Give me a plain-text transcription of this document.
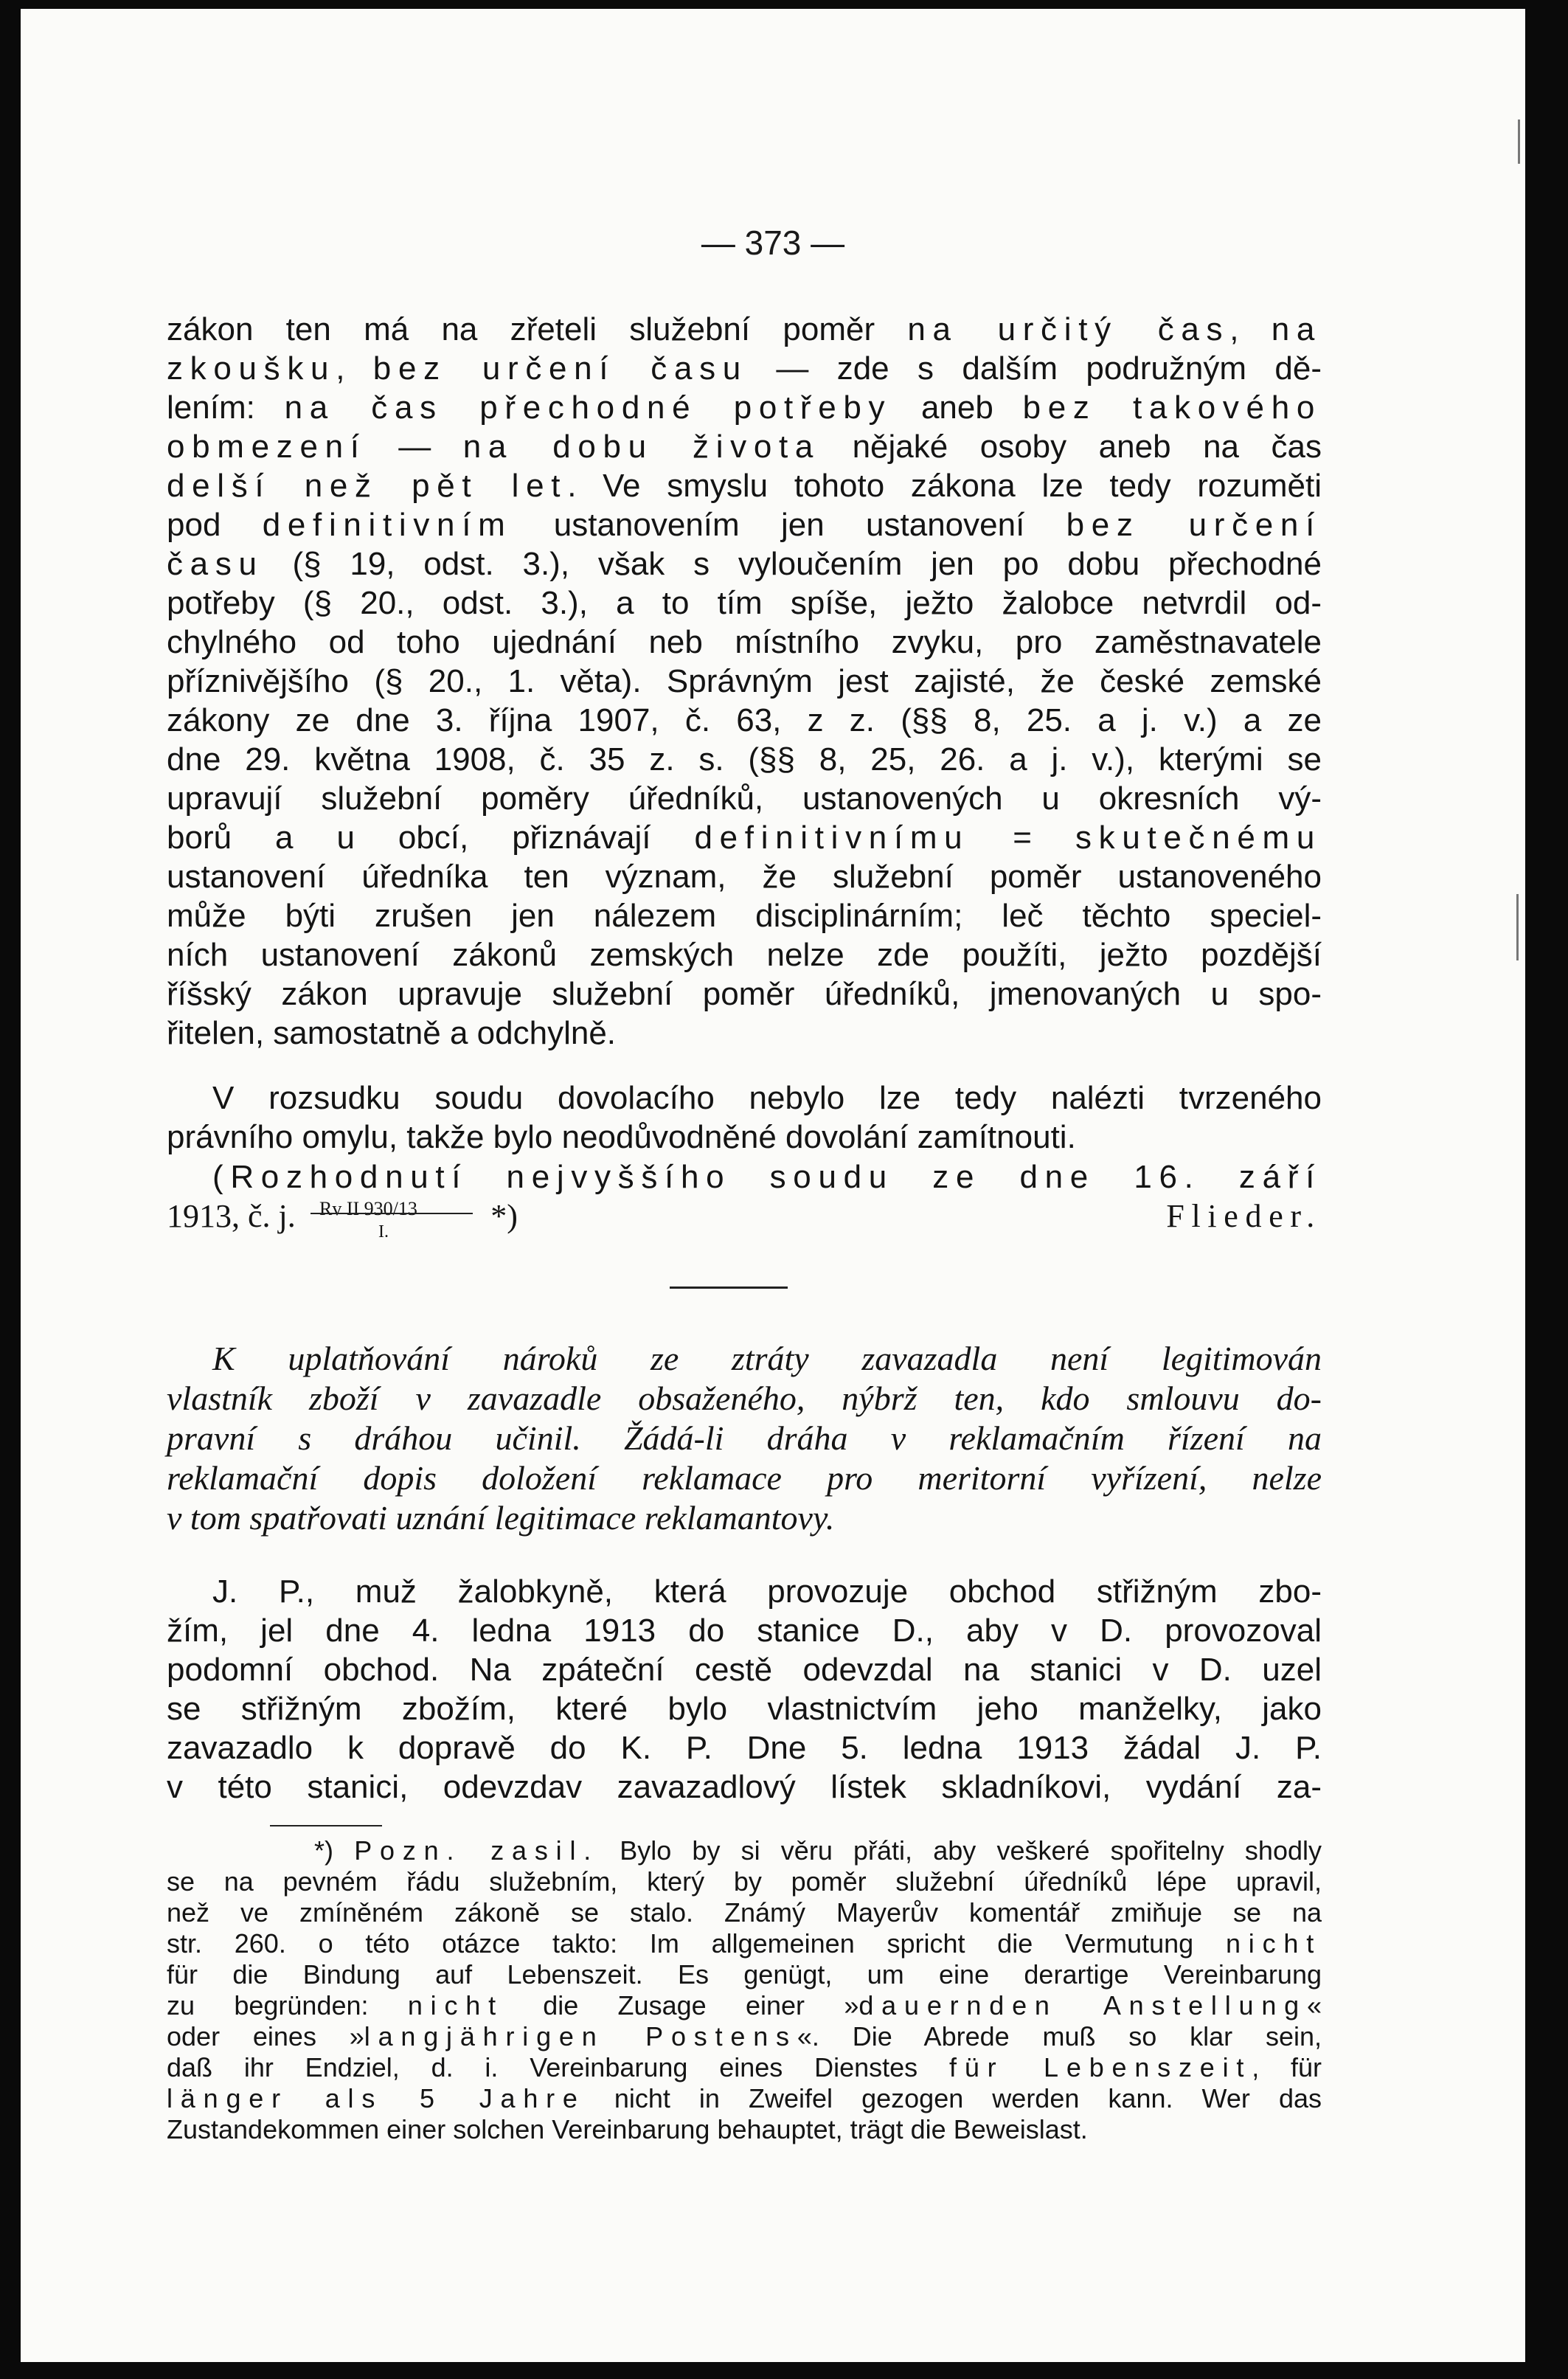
— 373 —
zákon ten má na zřeteli služební poměr na určitý čas, na
zkoušku, bez určení času — zde s dalším podružným dě-
lením: na čas přechodné potřeby aneb bez takového
obmezení — na dobu života nějaké osoby aneb na čas
delší než pět let. Ve smyslu tohoto zákona lze tedy rozuměti
pod definitivním ustanovením jen ustanovení bez určení
času (§ 19, odst. 3.), však s vyloučením jen po dobu přechodné
potřeby (§ 20., odst. 3.), a to tím spíše, ježto žalobce netvrdil od-
chylného od toho ujednání neb místního zvyku, pro zaměstnavatele
příznivějšího (§ 20., 1. věta). Správným jest zajisté, že české zemské
zákony ze dne 3. října 1907, č. 63, z z. (§§ 8, 25. a j. v.) a ze
dne 29. května 1908, č. 35 z. s. (§§ 8, 25, 26. a j. v.), kterými se
upravují služební poměry úředníků, ustanovených u okresních vý-
borů a u obcí, přiznávají definitivnímu = skutečnému
ustanovení úředníka ten význam, že služební poměr ustanoveného
může býti zrušen jen nálezem disciplinárním; leč těchto speciel-
ních ustanovení zákonů zemských nelze zde použíti, ježto pozdější
říšský zákon upravuje služební poměr úředníků, jmenovaných u spo-
řitelen, samostatně a odchylně.
V rozsudku soudu dovolacího nebylo lze tedy nalézti tvrzeného
právního omylu, takže bylo neodůvodněné dovolání zamítnouti.
(Rozhodnutí nejvyššího soudu ze dne 16. září
1913, č. j. Rv II 930/13
I.	*)	Flieder.
K uplatňování nároků ze ztráty zavazadla není legitimován
vlastník zboží v zavazadle obsaženého, nýbrž ten, kdo smlouvu do-
pravní s dráhou učinil. Žádá-li dráha v reklamačním řízení na
reklamační dopis doložení reklamace pro meritorní vyřízení, nelze
v tom spatřovati uznání legitimace reklamantovy.
J. P., muž žalobkyně, která provozuje obchod střižným zbo-
žím, jel dne 4. ledna 1913 do stanice D., aby v D. provozoval
podomní obchod. Na zpáteční cestě odevzdal na stanici v D. uzel
se střižným zbožím, které bylo vlastnictvím jeho manželky, jako
zavazadlo k dopravě do K. P. Dne 5. ledna 1913 žádal J. P.
v této stanici, odevzdav zavazadlový lístek skladníkovi, vydání za-
*) Pozn. zasil. Bylo by si věru přáti, aby veškeré spořitelny shodly
se na pevném řádu služebním, který by poměr služební úředníků lépe upravil,
než ve zmíněném zákoně se stalo. Známý Mayerův komentář zmiňuje se na
str. 260. o této otázce takto: Im allgemeinen spricht die Vermutung nicht
für die Bindung auf Lebenszeit. Es genügt, um eine derartige Vereinbarung
zu begründen: nicht die Zusage einer »dauernden Anstellung«
oder eines »langjährigen Postens«. Die Abrede muß so klar sein,
daß ihr Endziel, d. i. Vereinbarung eines Dienstes für Lebenszeit, für
länger als 5 Jahre nicht in Zweifel gezogen werden kann. Wer das
Zustandekommen einer solchen Vereinbarung behauptet, trägt die Beweislast.
